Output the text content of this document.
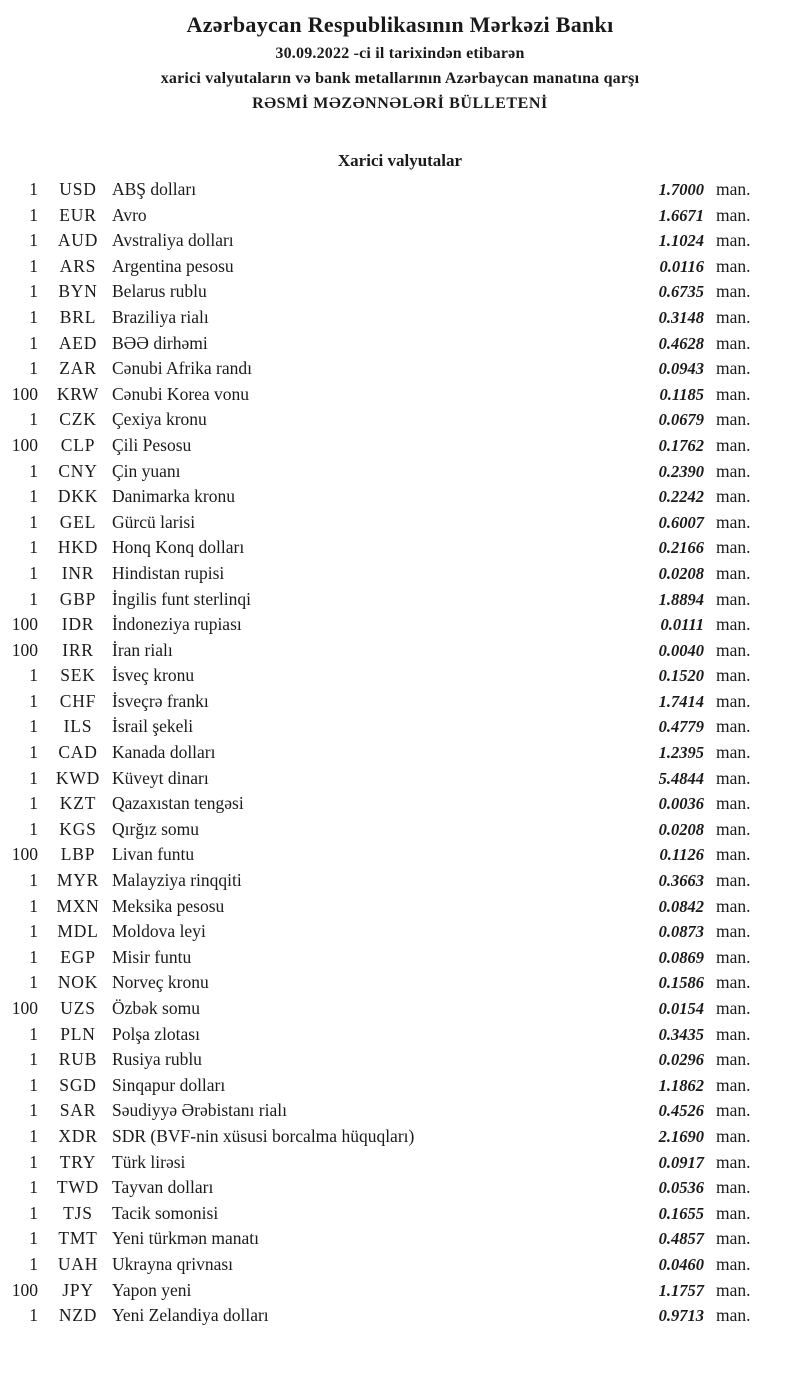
Azərbaycan Respublikasının Mərkəzi Bankı
30.09.2022 -ci il tarixindən etibarən
xarici valyutaların və bank metallarının Azərbaycan manatına qarşı
RƏSMİ MƏZƏNNƏLƏRİ BÜLLETENİ
Xarici valyutalar
1	USD ABŞ dolları	1.7000 man.
1	EUR Avro	1.6671 man.
1	AUD Avstraliya dolları	1.1024 man.
1	ARS Argentina pesosu	0.0116 man.
1	BYN Belarus rublu	0.6735 man.
1	BRL Braziliya rialı	0.3148 man.
1	AED BƏƏ dirhəmi	0.4628 man.
1	ZAR Cənubi Afrika randı	0.0943 man.
100 KRW Cənubi Korea vonu	0.1185 man.
1	CZK Çexiya kronu	0.0679 man.
100	CLP Çili Pesosu	0.1762 man.
1	CNY Çin yuanı	0.2390 man.
1	DKK Danimarka kronu	0.2242 man.
1	GEL Gürcü larisi	0.6007 man.
1	HKD Honq Konq dolları	0.2166 man.
1	INR	Hindistan rupisi	0.0208 man.
1	GBP İngilis funt sterlinqi	1.8894 man.
100	IDR	İndoneziya rupiası	0.0111 man.
100	IRR	İran rialı	0.0040 man.
1	SEK İsveç kronu	0.1520 man.
1	CHF İsveçrə frankı	1.7414 man.
1	ILS	İsrail şekeli	0.4779 man.
1	CAD Kanada dolları	1.2395 man.
1 KWD Küveyt dinarı	5.4844 man.
1	KZT Qazaxıstan tengəsi	0.0036 man.
1	KGS Qırğız somu	0.0208 man.
100	LBP Livan funtu	0.1126 man.
1 MYR Malayziya rinqqiti	0.3663 man.
1 MXN Meksika pesosu	0.0842 man.
1	MDL Moldova leyi	0.0873 man.
1	EGP Misir funtu	0.0869 man.
1	NOK Norveç kronu	0.1586 man.
100	UZS Özbək somu	0.0154 man.
1	PLN Polşa zlotası	0.3435 man.
1	RUB Rusiya rublu	0.0296 man.
1	SGD Sinqapur dolları	1.1862 man.
1	SAR Səudiyyə Ərəbistanı rialı	0.4526 man.
1	XDR SDR (BVF-nin xüsusi borcalma hüquqları)	2.1690 man.
1	TRY Türk lirəsi	0.0917 man.
1 TWD Tayvan dolları	0.0536 man.
1	TJS	Tacik somonisi	0.1655 man.
1	TMT Yeni türkmən manatı	0.4857 man.
1	UAH Ukrayna qrivnası	0.0460 man.
100	JPY	Yapon yeni	1.1757 man.
1	NZD Yeni Zelandiya dolları	0.9713 man.
